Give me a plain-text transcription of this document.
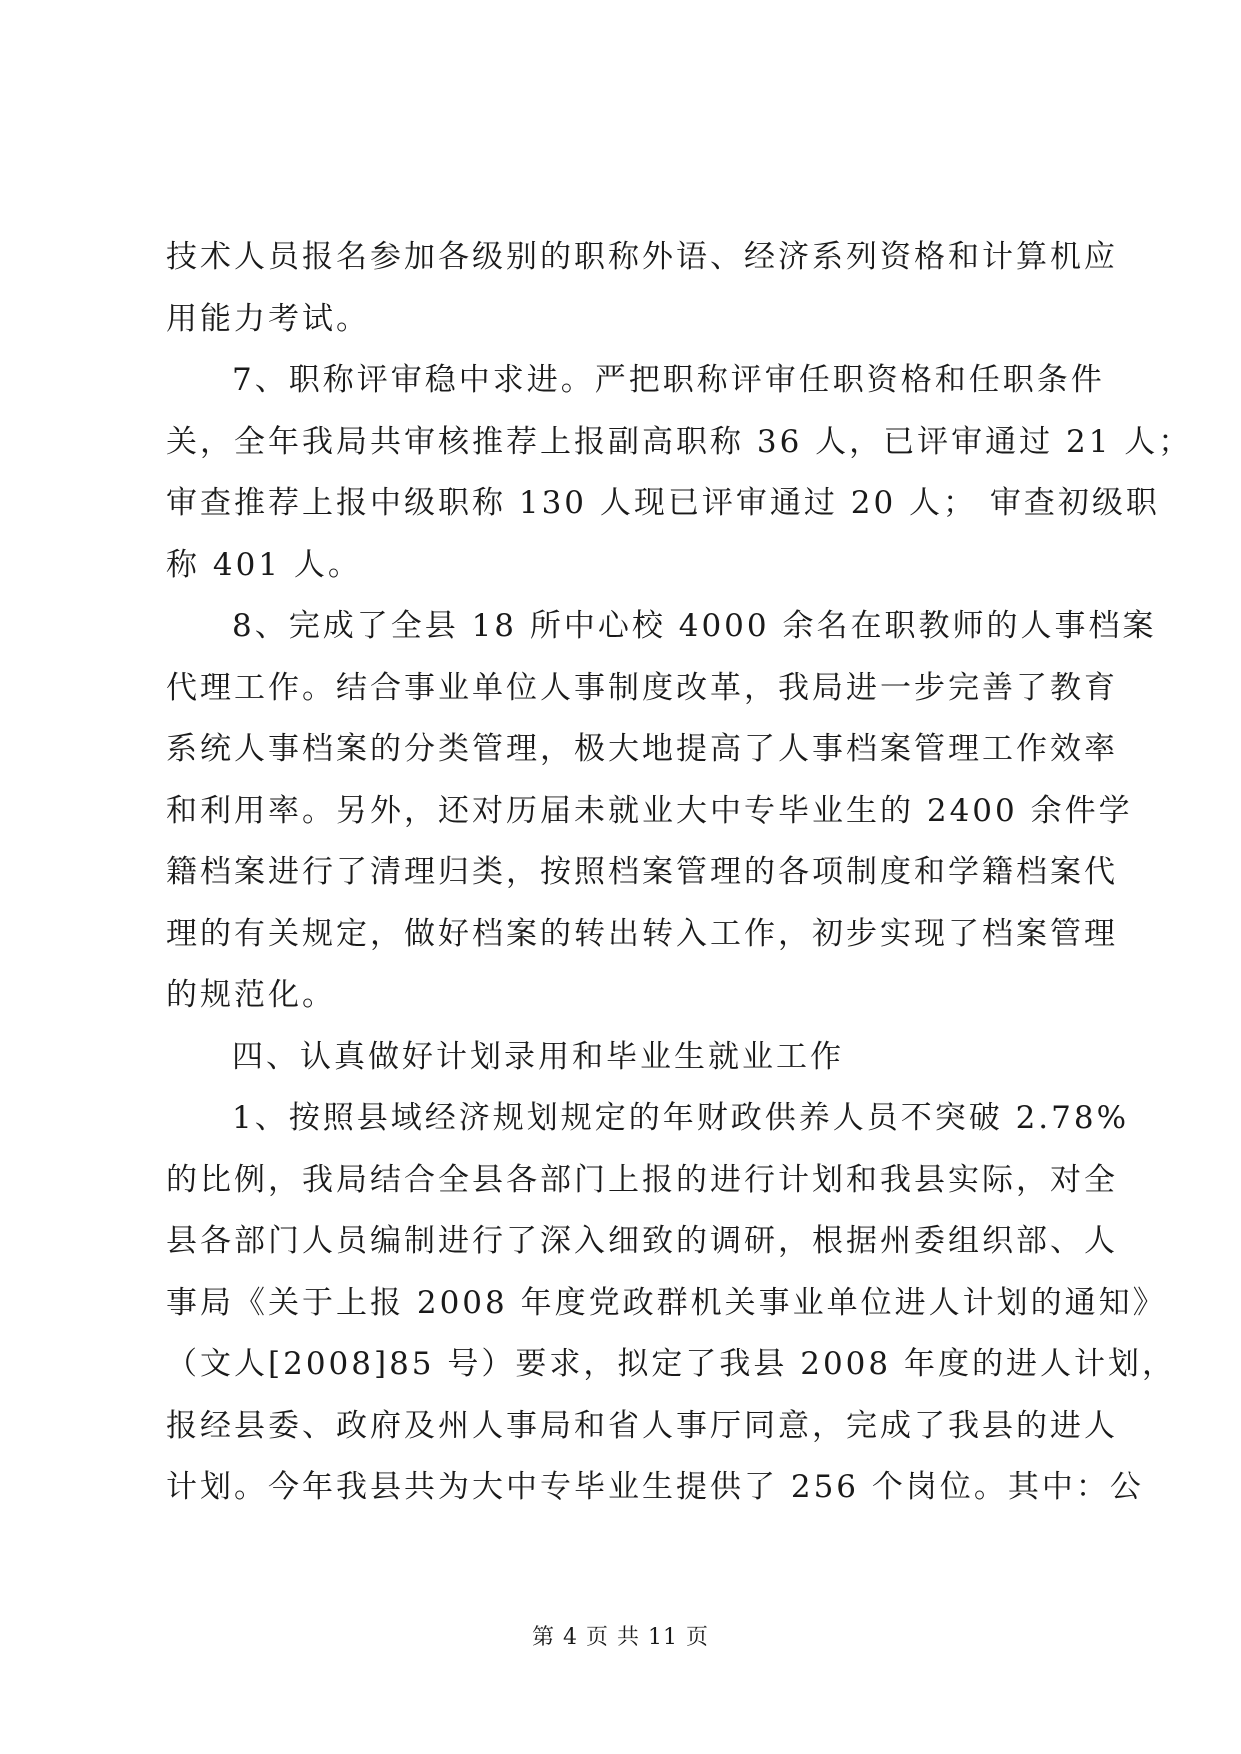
技术人员报名参加各级别的职称外语、经济系列资格和计算机应
用能力考试。
7、职称评审稳中求进。严把职称评审任职资格和任职条件
关，全年我局共审核推荐上报副高职称 36 人，已评审通过 21 人；
审查推荐上报中级职称 130 人现已评审通过 20 人； 审查初级职
称 401 人。
8、完成了全县 18 所中心校 4000 余名在职教师的人事档案
代理工作。结合事业单位人事制度改革，我局进一步完善了教育
系统人事档案的分类管理，极大地提高了人事档案管理工作效率
和利用率。另外，还对历届未就业大中专毕业生的 2400 余件学
籍档案进行了清理归类，按照档案管理的各项制度和学籍档案代
理的有关规定，做好档案的转出转入工作，初步实现了档案管理
的规范化。
四、认真做好计划录用和毕业生就业工作
1、按照县域经济规划规定的年财政供养人员不突破 2.78%
的比例，我局结合全县各部门上报的进行计划和我县实际，对全
县各部门人员编制进行了深入细致的调研，根据州委组织部、人
事局《关于上报 2008 年度党政群机关事业单位进人计划的通知》
（文人[2008]85 号）要求，拟定了我县 2008 年度的进人计划，
报经县委、政府及州人事局和省人事厅同意，完成了我县的进人
计划。今年我县共为大中专毕业生提供了 256 个岗位。其中：公
第 4 页 共 11 页
